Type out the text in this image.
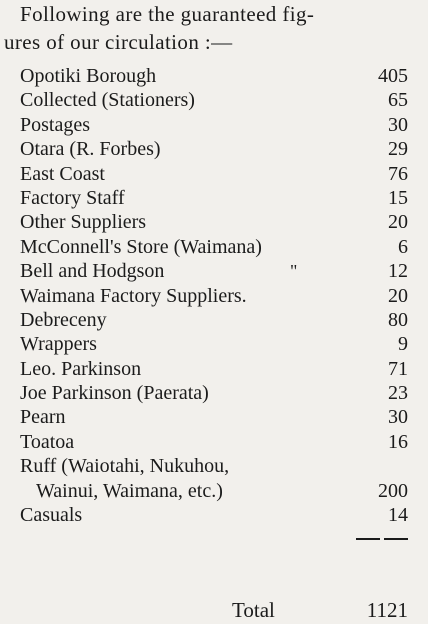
Following are the guaranteed fig-
ures of our circulation :—
Opotiki Borough	405
Collected (Stationers)	65
Postages	30
Otara (R. Forbes)	29
East Coast	76
Factory Staff	15
Other Suppliers	20
McConnell's Store (Waimana)	6
Bell and Hodgson	"	12
Waimana Factory Suppliers.	20
Debreceny	80
Wrappers	9
Leo. Parkinson	71
Joe Parkinson (Paerata)	23
Pearn	30
Toatoa	16
Ruff (Waiotahi, Nukuhou,
Wainui, Waimana, etc.)	200
Casuals	14
Total	1121
